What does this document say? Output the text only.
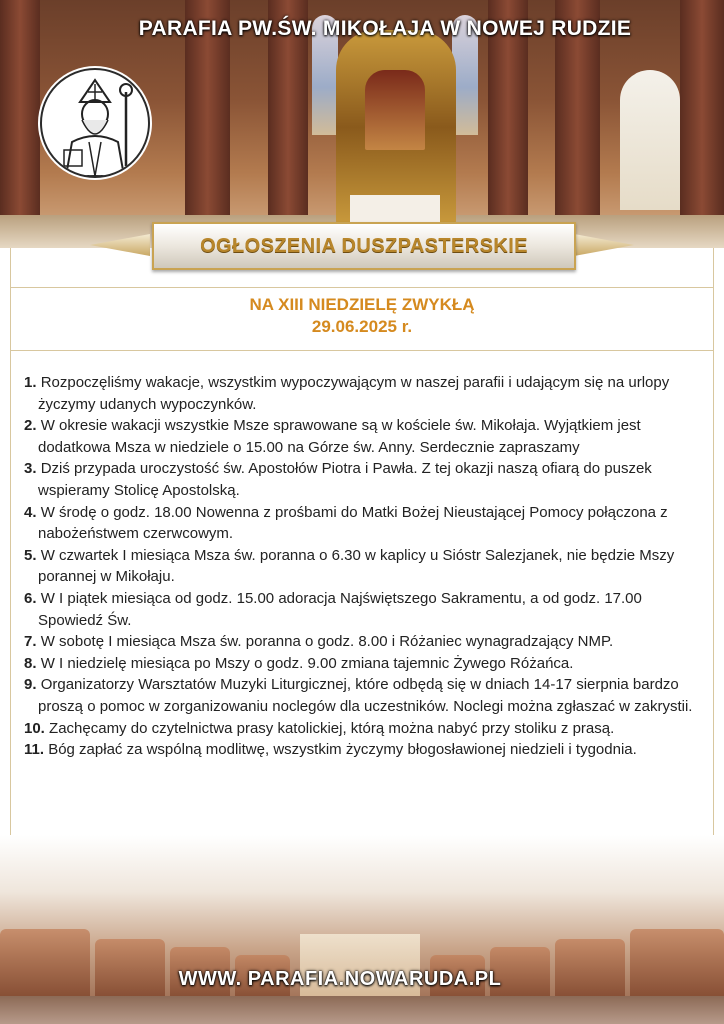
PARAFIA PW.ŚW. MIKOŁAJA W NOWEJ RUDZIE
OGŁOSZENIA DUSZPASTERSKIE
NA XIII NIEDZIELĘ ZWYKŁĄ
29.06.2025 r.

1. Rozpoczęliśmy wakacje, wszystkim wypoczywającym w naszej parafii i udającym się na urlopy życzymy udanych wypoczynków.

2. W okresie wakacji wszystkie Msze sprawowane są w kościele św. Mikołaja. Wyjątkiem jest dodatkowa Msza w niedziele o 15.00 na Górze św. Anny. Serdecznie zapraszamy

3. Dziś przypada uroczystość św. Apostołów Piotra i Pawła. Z tej okazji naszą ofiarą do puszek wspieramy Stolicę Apostolską.

4. W środę o godz. 18.00 Nowenna z prośbami do Matki Bożej Nieustającej Pomocy połączona z nabożeństwem czerwcowym.

5. W czwartek I miesiąca Msza św. poranna o 6.30 w kaplicy u Sióstr Salezjanek, nie będzie Mszy porannej w Mikołaju.

6. W I piątek miesiąca od godz. 15.00 adoracja Najświętszego Sakramentu, a od godz. 17.00 Spowiedź Św.

7. W sobotę I miesiąca Msza św. poranna o godz. 8.00 i Różaniec wynagradzający NMP.

8. W I niedzielę miesiąca po Mszy o godz. 9.00 zmiana tajemnic Żywego Różańca.

9. Organizatorzy Warsztatów Muzyki Liturgicznej, które odbędą się w dniach 14-17 sierpnia bardzo proszą o pomoc w zorganizowaniu noclegów dla uczestników. Noclegi można zgłaszać w zakrystii.

10. Zachęcamy do czytelnictwa prasy katolickiej, którą można nabyć przy stoliku z prasą.

11. Bóg zapłać za wspólną modlitwę, wszystkim życzymy błogosławionej niedzieli i tygodnia.

WWW. PARAFIA.NOWARUDA.PL
